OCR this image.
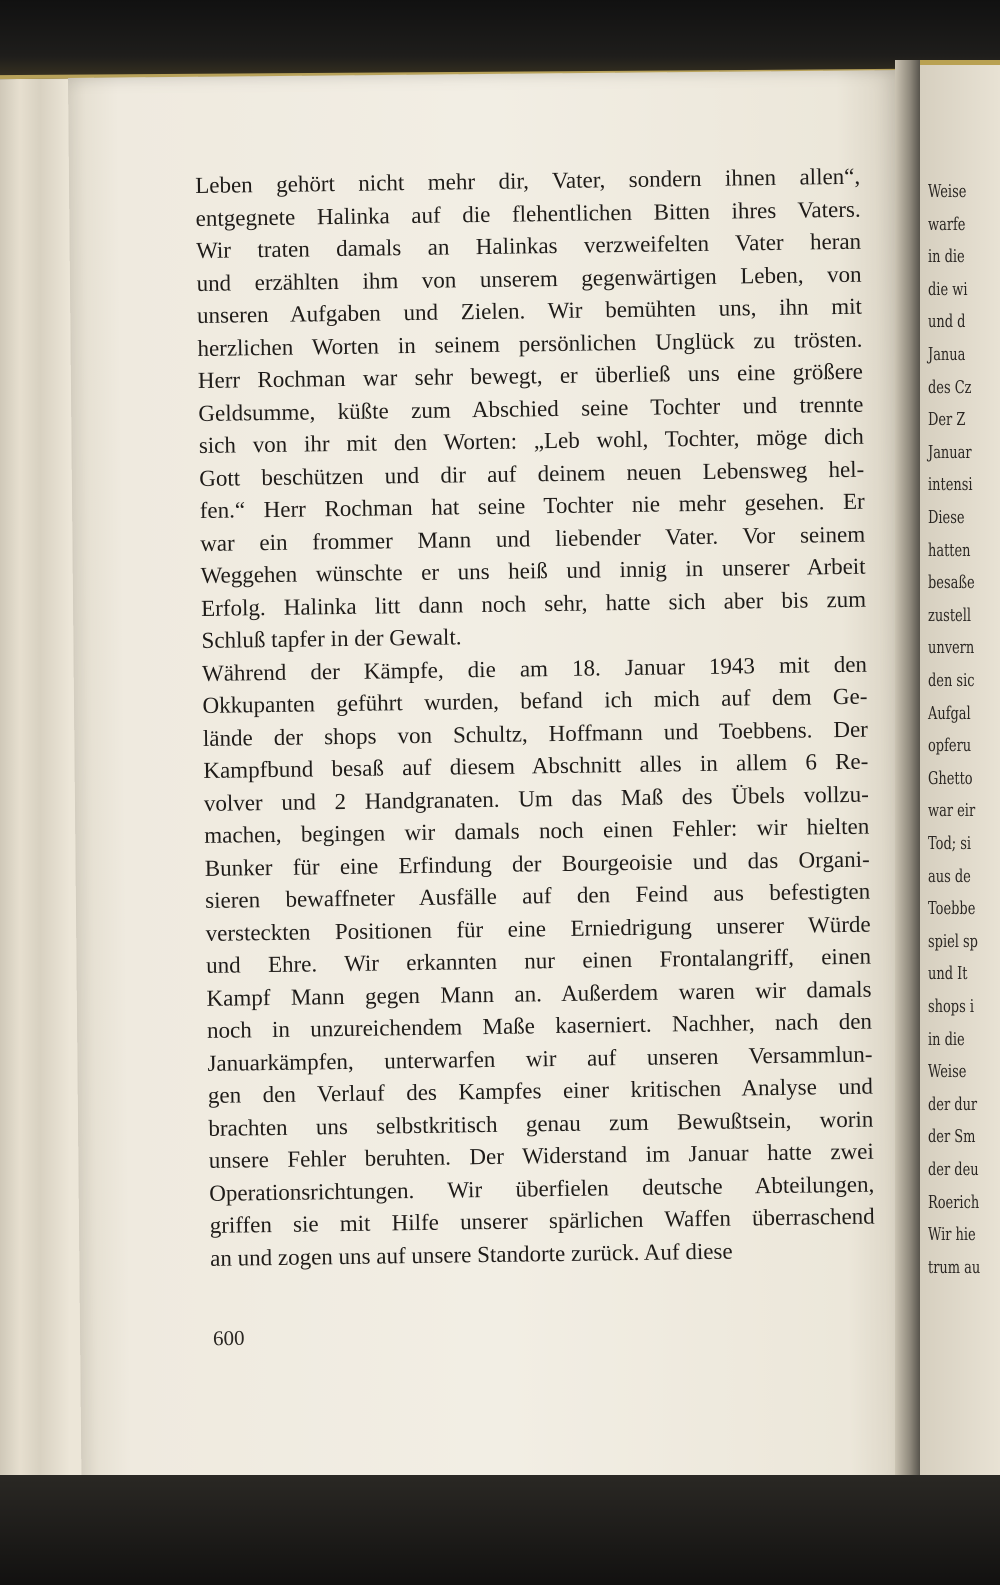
Weise
warfe
in die
die wi
und d
Janua
des Cz
Der Z
Januar
intensi
Diese
hatten
besaße
zustell
unvern
den sic
Aufgal
opferu
Ghetto
war eir
Tod; si
aus de
Toebbe
spiel sp
und It
shops i
in die
Weise
der dur
der Sm
der deu
Roerich
Wir hie
trum au
Leben gehört nicht mehr dir, Vater, sondern ihnen allen“,
entgegnete Halinka auf die flehentlichen Bitten ihres Vaters.
Wir traten damals an Halinkas verzweifelten Vater heran
und erzählten ihm von unserem gegenwärtigen Leben, von
unseren Aufgaben und Zielen. Wir bemühten uns, ihn mit
herzlichen Worten in seinem persönlichen Unglück zu trösten.
Herr Rochman war sehr bewegt, er überließ uns eine größere
Geldsumme, küßte zum Abschied seine Tochter und trennte
sich von ihr mit den Worten: „Leb wohl, Tochter, möge dich
Gott beschützen und dir auf deinem neuen Lebensweg hel-
fen.“ Herr Rochman hat seine Tochter nie mehr gesehen. Er
war ein frommer Mann und liebender Vater. Vor seinem
Weggehen wünschte er uns heiß und innig in unserer Arbeit
Erfolg. Halinka litt dann noch sehr, hatte sich aber bis zum
Schluß tapfer in der Gewalt.
Während der Kämpfe, die am 18. Januar 1943 mit den
Okkupanten geführt wurden, befand ich mich auf dem Ge-
lände der shops von Schultz, Hoffmann und Toebbens. Der
Kampfbund besaß auf diesem Abschnitt alles in allem 6 Re-
volver und 2 Handgranaten. Um das Maß des Übels vollzu-
machen, begingen wir damals noch einen Fehler: wir hielten
Bunker für eine Erfindung der Bourgeoisie und das Organi-
sieren bewaffneter Ausfälle auf den Feind aus befestigten
versteckten Positionen für eine Erniedrigung unserer Würde
und Ehre. Wir erkannten nur einen Frontalangriff, einen
Kampf Mann gegen Mann an. Außerdem waren wir damals
noch in unzureichendem Maße kaserniert. Nachher, nach den
Januarkämpfen, unterwarfen wir auf unseren Versammlun-
gen den Verlauf des Kampfes einer kritischen Analyse und
brachten uns selbstkritisch genau zum Bewußtsein, worin
unsere Fehler beruhten. Der Widerstand im Januar hatte zwei
Operationsrichtungen. Wir überfielen deutsche Abteilungen,
griffen sie mit Hilfe unserer spärlichen Waffen überraschend
an und zogen uns auf unsere Standorte zurück. Auf diese
600
